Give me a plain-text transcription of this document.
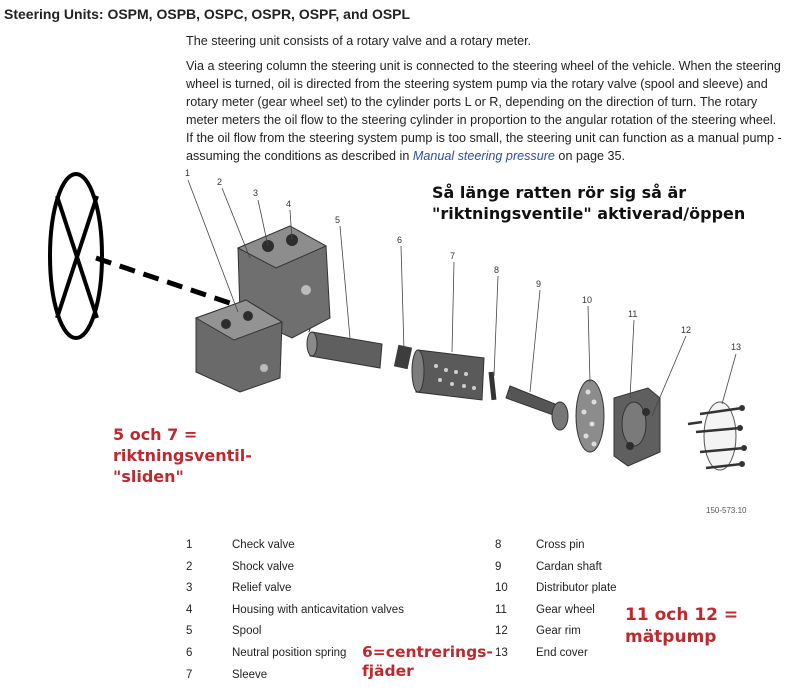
Steering Units: OSPM, OSPB, OSPC, OSPR, OSPF, and OSPL
The steering unit consists of a rotary valve and a rotary meter.
Via a steering column the steering unit is connected to the steering wheel of the vehicle. When the steering wheel is turned, oil is directed from the steering system pump via the rotary valve (spool and sleeve) and rotary meter (gear wheel set) to the cylinder ports L or R, depending on the direction of turn. The rotary meter meters the oil flow to the steering cylinder in proportion to the angular rotation of the steering wheel. If the oil flow from the steering system pump is too small, the steering unit can function as a manual pump - assuming the conditions as described in Manual steering pressure on page 35.
1
2
3
4
5
6
7
8
9
10
11
12
13
Så länge ratten rör sig så är
"riktningsventile" aktiverad/öppen
5 och 7 =
riktningsventil-
"sliden"
150-573.10
1	Check valve
2	Shock valve
3	Relief valve
4	Housing with anticavitation valves
5	Spool
6	Neutral position spring
7	Sleeve
8	Cross pin
9	Cardan shaft
10	Distributor plate
11	Gear wheel
12	Gear rim
13	End cover
6=centrerings-
fjäder
11 och 12 =
mätpump
